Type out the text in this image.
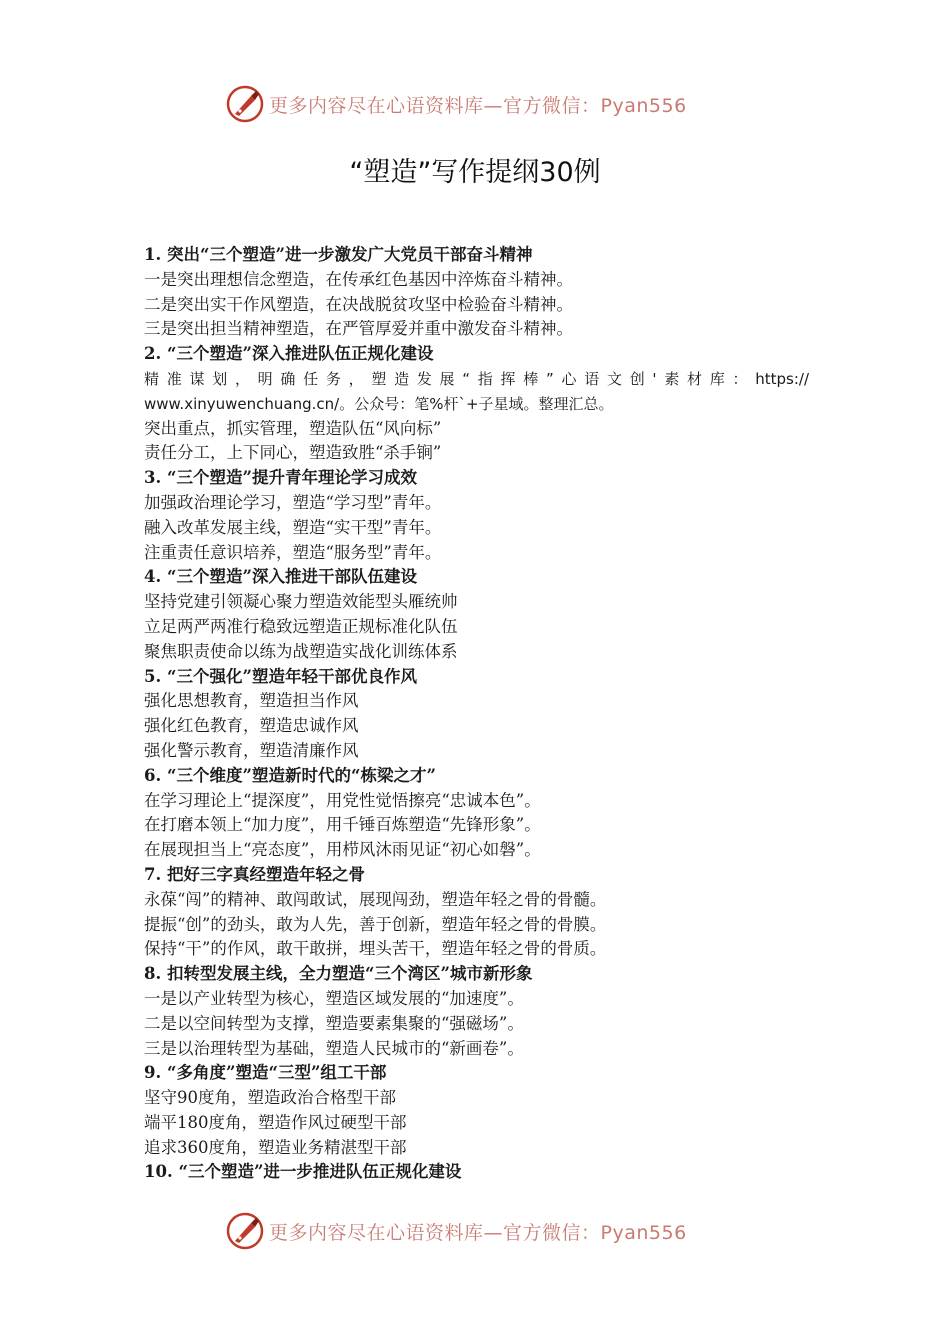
更多内容尽在心语资料库—官方微信：Pyan556
“塑造”写作提纲30例
1. 突出“三个塑造”进一步激发广大党员干部奋斗精神
一是突出理想信念塑造，在传承红色基因中淬炼奋斗精神。
二是突出实干作风塑造，在决战脱贫攻坚中检验奋斗精神。
三是突出担当精神塑造，在严管厚爱并重中激发奋斗精神。
2. “三个塑造”深入推进队伍正规化建设
精准谋划，明确任务，塑造发展“指挥棒”心语文创'素材库：https://
www.xinyuwenchuang.cn/。公众号：笔%杆`+子星域。整理汇总。
突出重点，抓实管理，塑造队伍“风向标”
责任分工，上下同心，塑造致胜“杀手锏”
3. “三个塑造”提升青年理论学习成效
加强政治理论学习，塑造“学习型”青年。
融入改革发展主线，塑造“实干型”青年。
注重责任意识培养，塑造“服务型”青年。
4. “三个塑造”深入推进干部队伍建设
坚持党建引领凝心聚力塑造效能型头雁统帅
立足两严两准行稳致远塑造正规标准化队伍
聚焦职责使命以练为战塑造实战化训练体系
5. “三个强化”塑造年轻干部优良作风
强化思想教育，塑造担当作风
强化红色教育，塑造忠诚作风
强化警示教育，塑造清廉作风
6. “三个维度”塑造新时代的“栋梁之才”
在学习理论上“提深度”，用党性觉悟擦亮“忠诚本色”。
在打磨本领上“加力度”，用千锤百炼塑造“先锋形象”。
在展现担当上“亮态度”，用栉风沐雨见证“初心如磐”。
7. 把好三字真经塑造年轻之骨
永葆“闯”的精神、敢闯敢试，展现闯劲，塑造年轻之骨的骨髓。
提振“创”的劲头，敢为人先，善于创新，塑造年轻之骨的骨膜。
保持“干”的作风，敢干敢拼，埋头苦干，塑造年轻之骨的骨质。
8. 扣转型发展主线，全力塑造“三个湾区”城市新形象
一是以产业转型为核心，塑造区域发展的“加速度”。
二是以空间转型为支撑，塑造要素集聚的“强磁场”。
三是以治理转型为基础，塑造人民城市的“新画卷”。
9. “多角度”塑造“三型”组工干部
坚守90度角，塑造政治合格型干部
端平180度角，塑造作风过硬型干部
追求360度角，塑造业务精湛型干部
10. “三个塑造”进一步推进队伍正规化建设
更多内容尽在心语资料库—官方微信：Pyan556
